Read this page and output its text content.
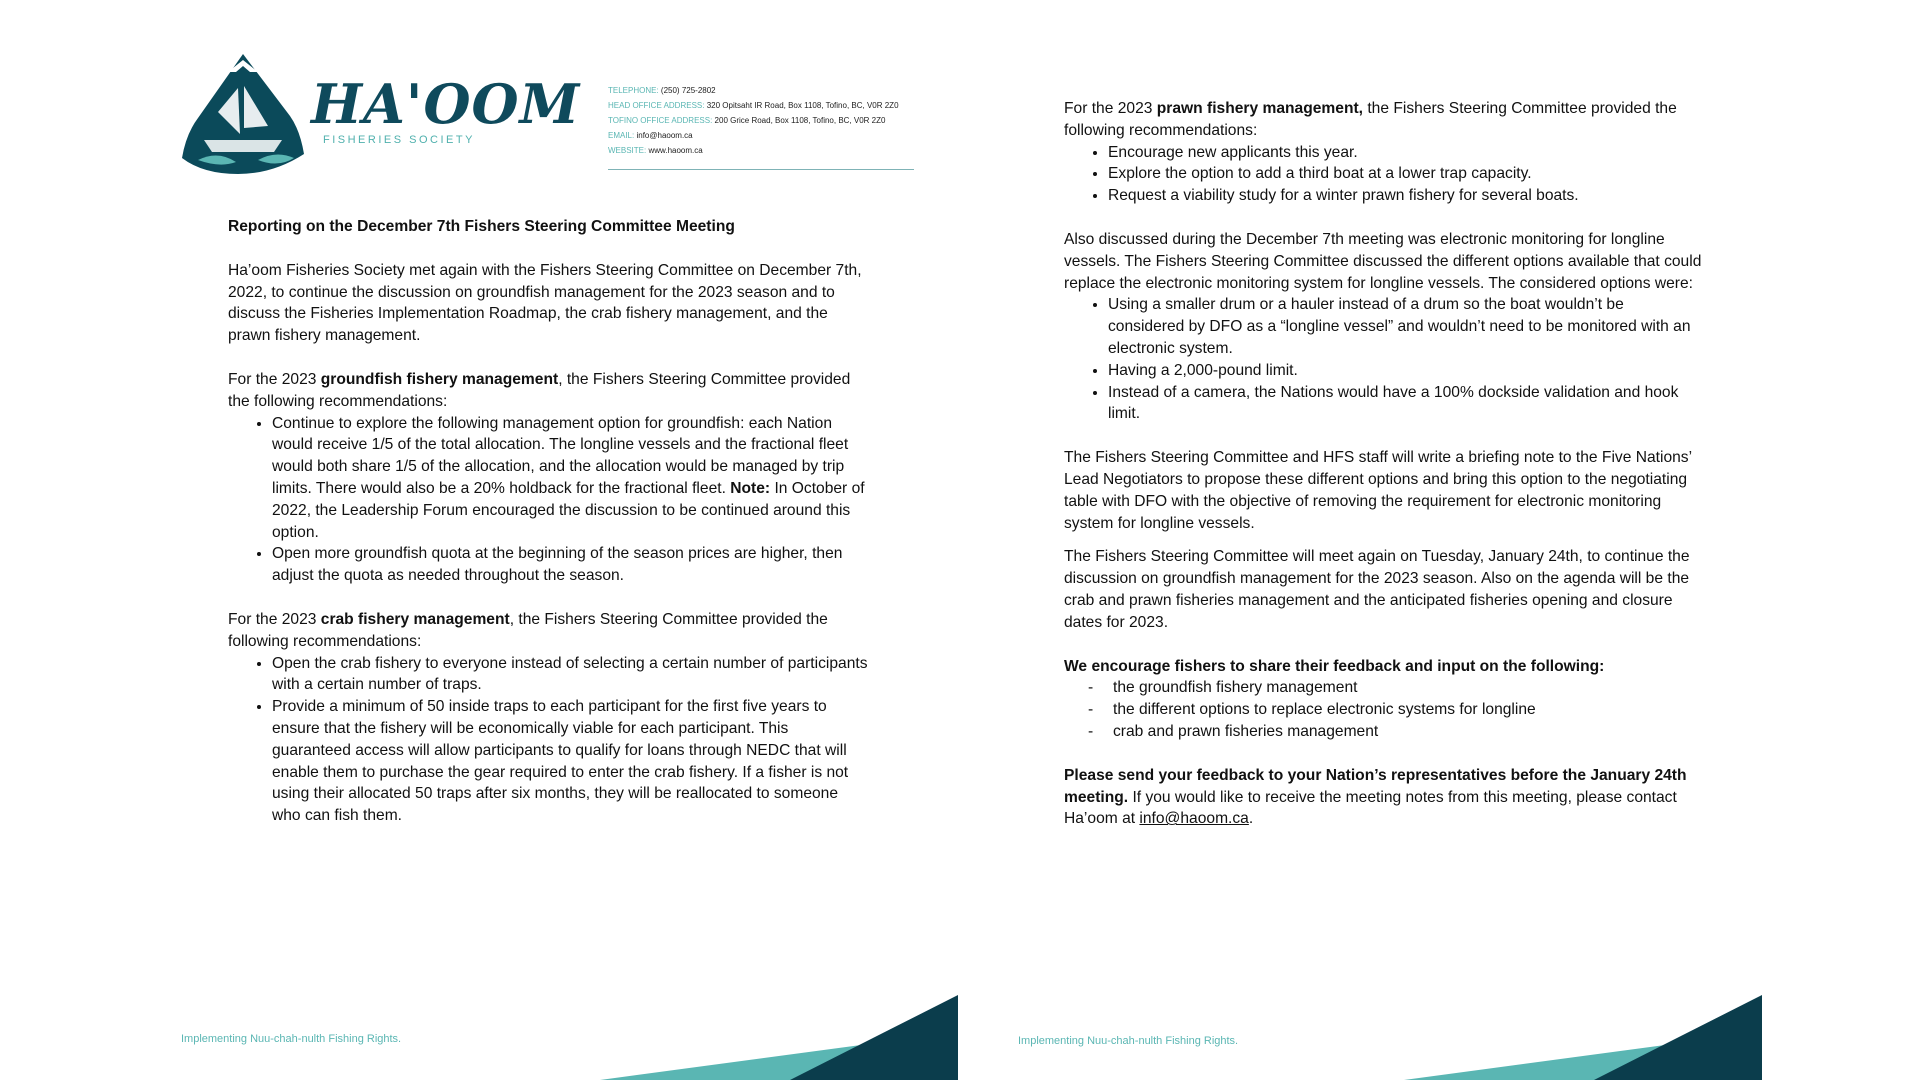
HA'OOM
FISHERIES SOCIETY
TELEPHONE: (250) 725-2802
HEAD OFFICE ADDRESS: 320 Opitsaht IR Road, Box 1108, Tofino, BC, V0R 2Z0
TOFINO OFFICE ADDRESS: 200 Grice Road, Box 1108, Tofino, BC, V0R 2Z0
EMAIL: info@haoom.ca
WEBSITE: www.haoom.ca

Reporting on the December 7th Fishers Steering Committee Meeting

Ha’oom Fisheries Society met again with the Fishers Steering Committee on December 7th, 2022, to continue the discussion on groundfish management for the 2023 season and to discuss the Fisheries Implementation Roadmap, the crab fishery management, and the prawn fishery management.

For the 2023 groundfish fishery management, the Fishers Steering Committee provided the following recommendations:

• Continue to explore the following management option for groundfish: each Nation would receive 1/5 of the total allocation. The longline vessels and the fractional fleet would both share 1/5 of the allocation, and the allocation would be managed by trip limits. There would also be a 20% holdback for the fractional fleet. Note: In October of 2022, the Leadership Forum encouraged the discussion to be continued around this option.
• Open more groundfish quota at the beginning of the season prices are higher, then adjust the quota as needed throughout the season.

For the 2023 crab fishery management, the Fishers Steering Committee provided the following recommendations:

• Open the crab fishery to everyone instead of selecting a certain number of participants with a certain number of traps.
• Provide a minimum of 50 inside traps to each participant for the first five years to ensure that the fishery will be economically viable for each participant. This guaranteed access will allow participants to qualify for loans through NEDC that will enable them to purchase the gear required to enter the crab fishery. If a fisher is not using their allocated 50 traps after six months, they will be reallocated to someone who can fish them.
Implementing Nuu-chah-nulth Fishing Rights.

For the 2023 prawn fishery management, the Fishers Steering Committee provided the following recommendations:

• Encourage new applicants this year.
• Explore the option to add a third boat at a lower trap capacity.
• Request a viability study for a winter prawn fishery for several boats.

Also discussed during the December 7th meeting was electronic monitoring for longline vessels. The Fishers Steering Committee discussed the different options available that could replace the electronic monitoring system for longline vessels. The considered options were:

• Using a smaller drum or a hauler instead of a drum so the boat wouldn’t be considered by DFO as a “longline vessel” and wouldn’t need to be monitored with an electronic system.
• Having a 2,000-pound limit.
• Instead of a camera, the Nations would have a 100% dockside validation and hook limit.

The Fishers Steering Committee and HFS staff will write a briefing note to the Five Nations’ Lead Negotiators to propose these different options and bring this option to the negotiating table with DFO with the objective of removing the requirement for electronic monitoring system for longline vessels.

The Fishers Steering Committee will meet again on Tuesday, January 24th, to continue the discussion on groundfish management for the 2023 season. Also on the agenda will be the crab and prawn fisheries management and the anticipated fisheries opening and closure dates for 2023.

We encourage fishers to share their feedback and input on the following:

- the groundfish fishery management
- the different options to replace electronic systems for longline
- crab and prawn fisheries management

Please send your feedback to your Nation’s representatives before the January 24th meeting. If you would like to receive the meeting notes from this meeting, please contact Ha’oom at info@haoom.ca.

Implementing Nuu-chah-nulth Fishing Rights.
